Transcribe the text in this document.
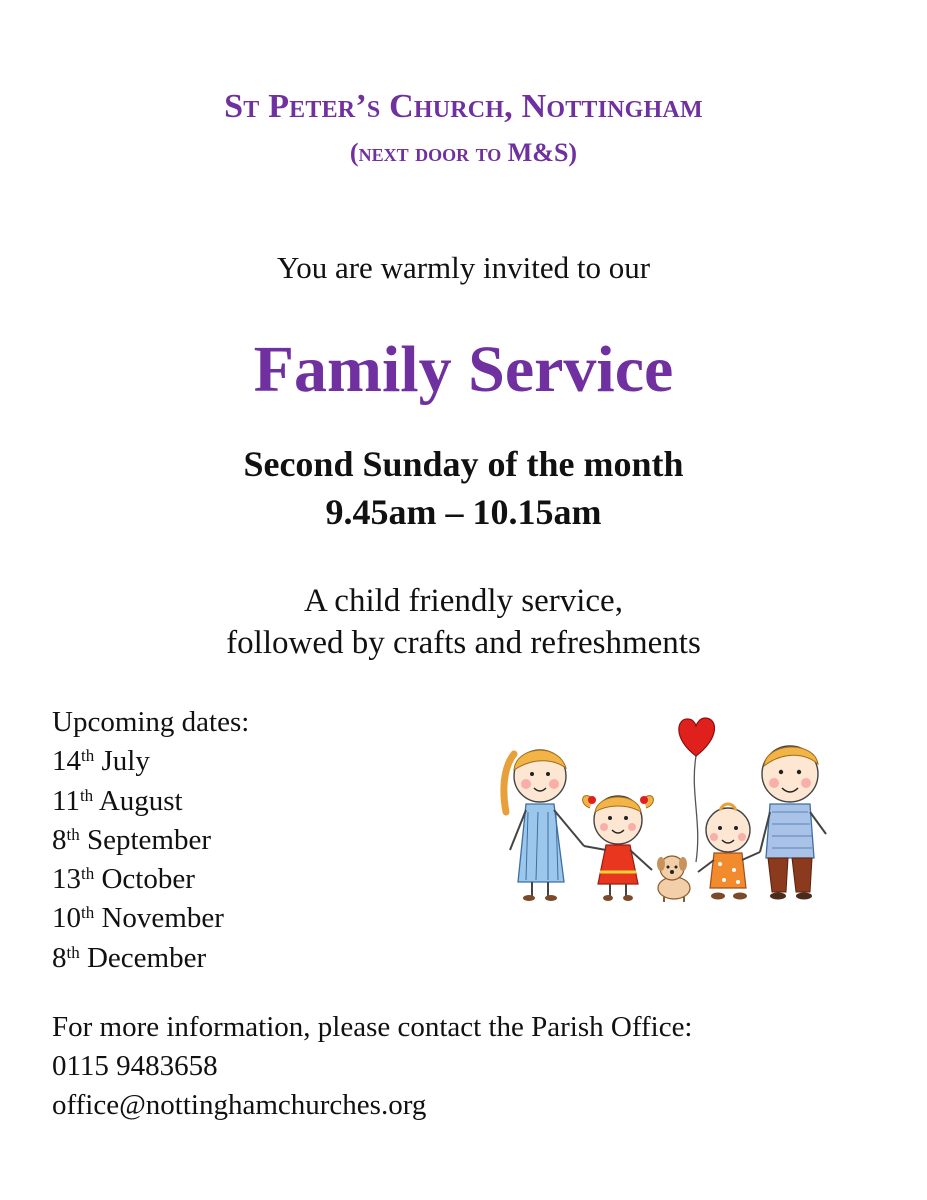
St Peter’s Church, Nottingham
(next door to M&S)
You are warmly invited to our
Family Service
Second Sunday of the month
9.45am – 10.15am
A child friendly service,
followed by crafts and refreshments
Upcoming dates:
14th July
11th August
8th September
13th October
10th November
8th December
For more information, please contact the Parish Office:
0115 9483658
office@nottinghamchurches.org
